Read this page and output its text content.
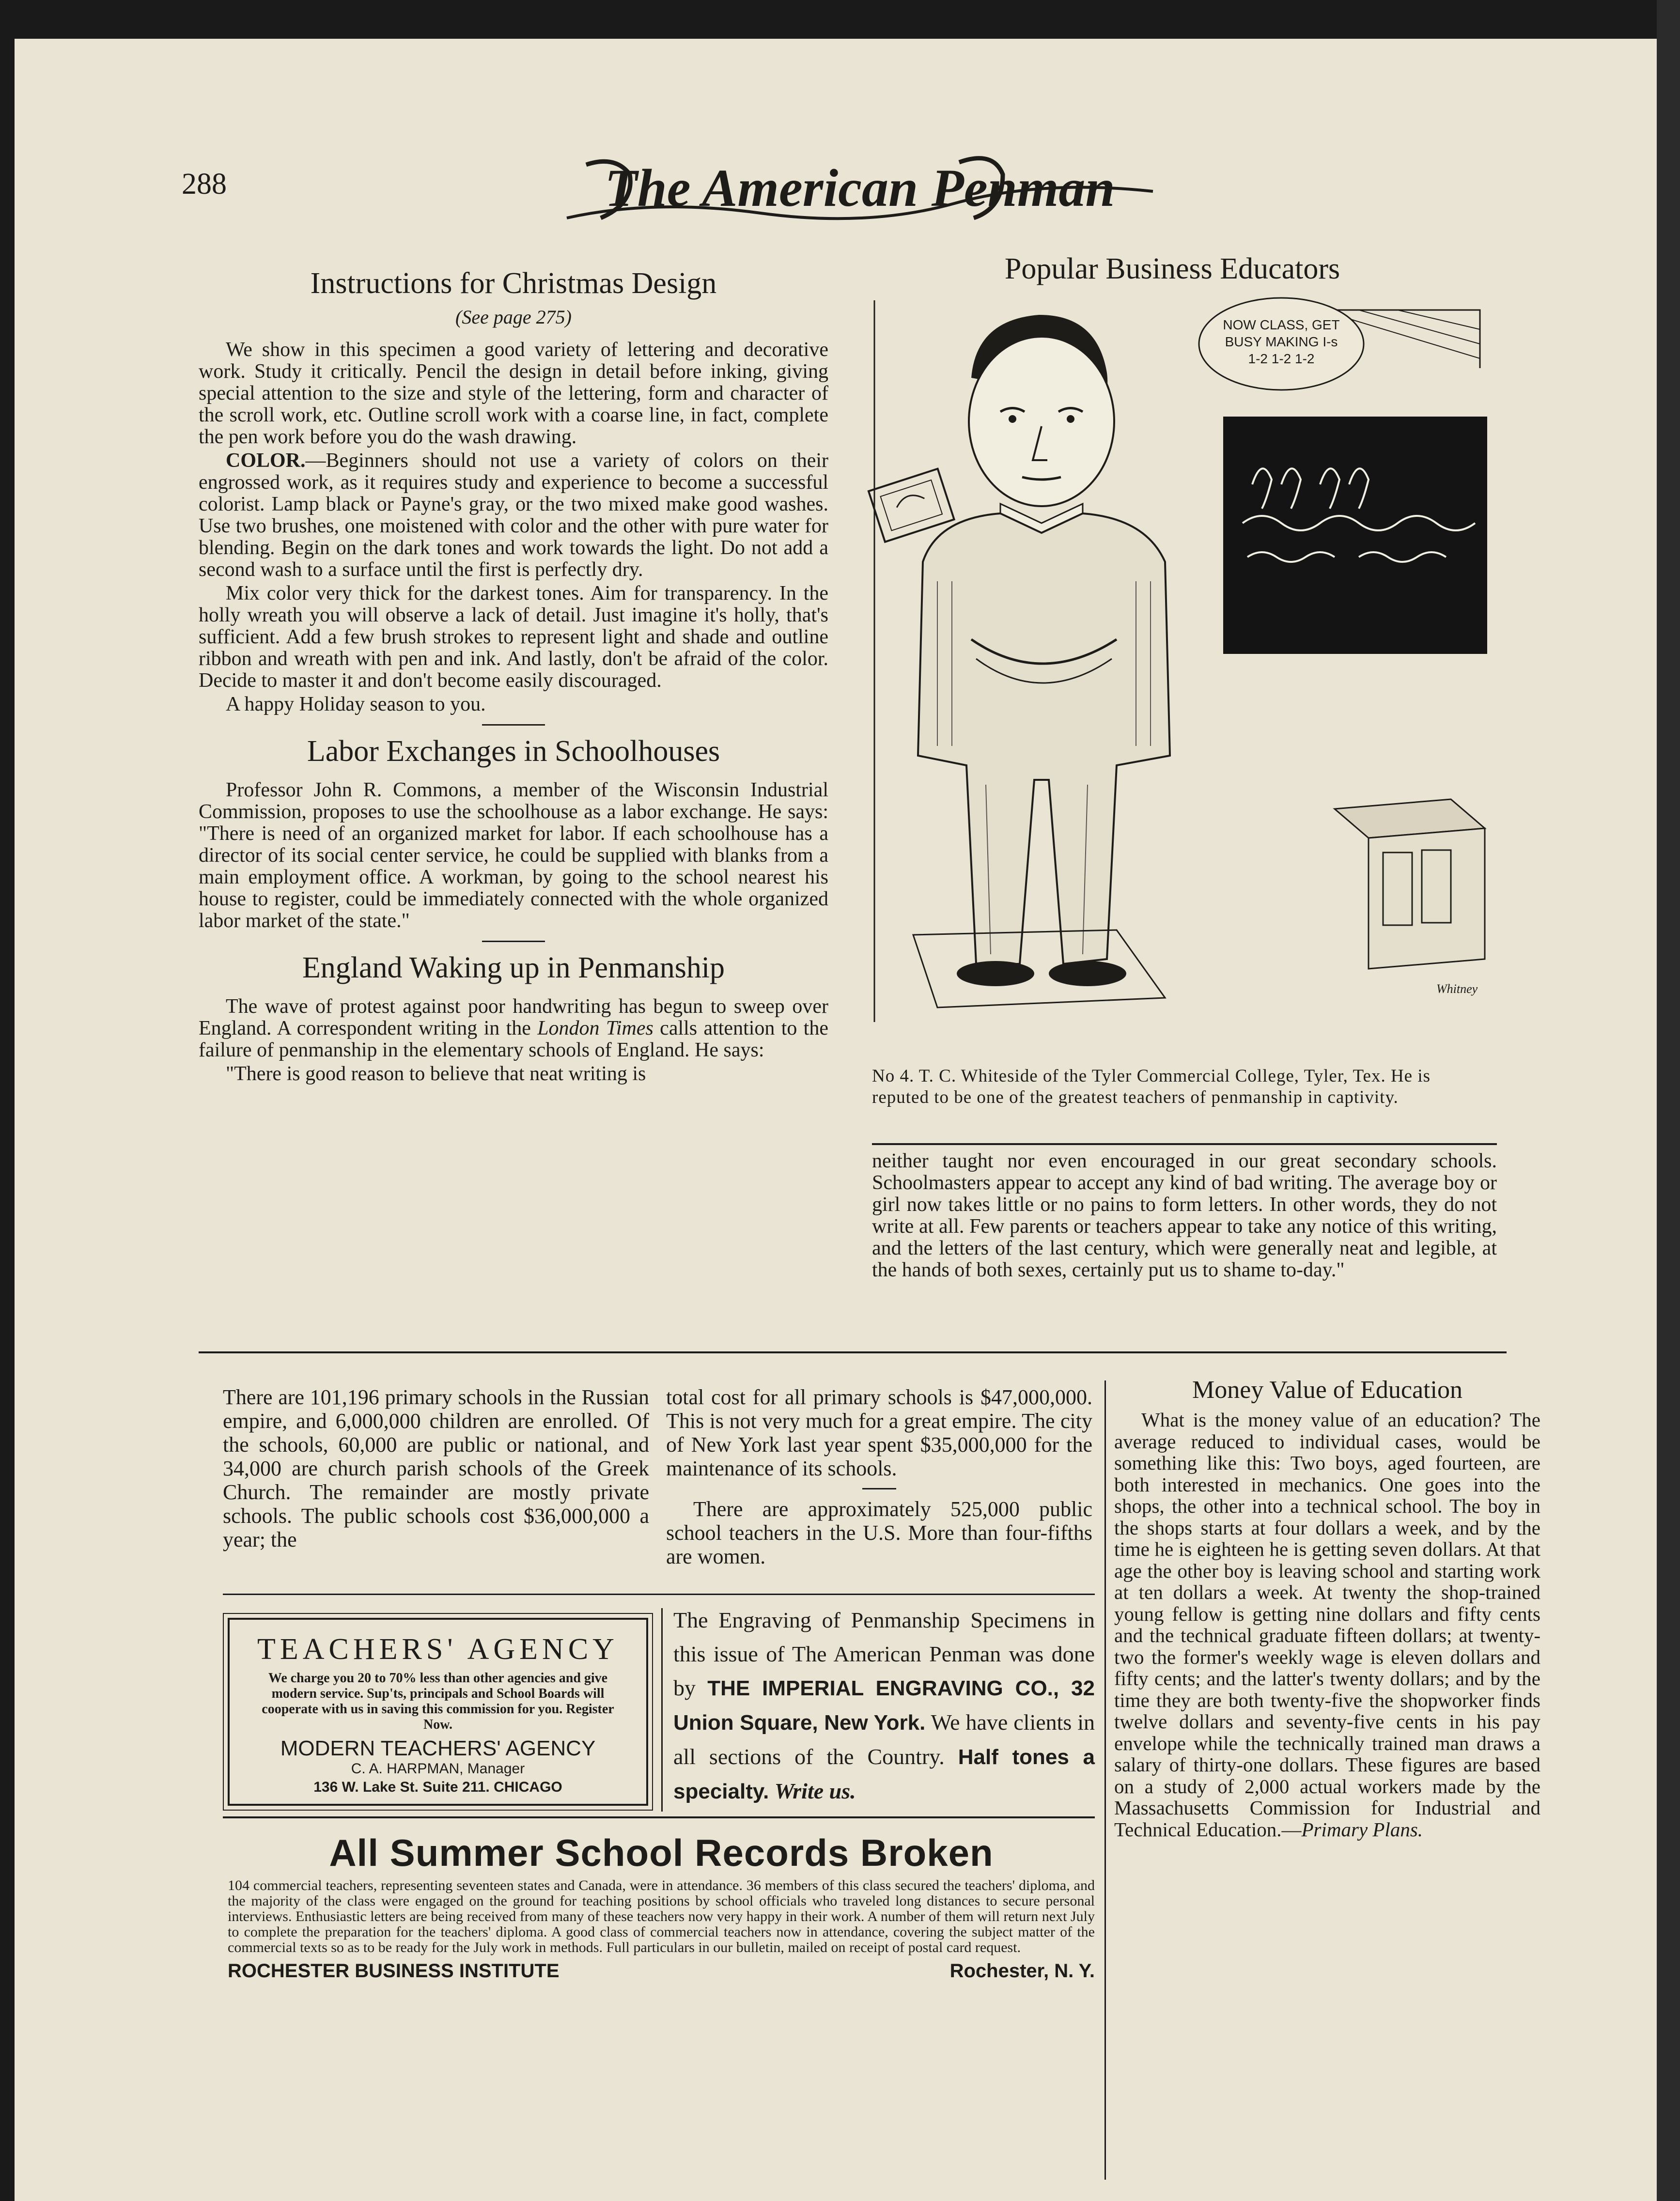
288	The American Penman
Instructions for Christmas Design
(See page 275)

We show in this specimen a good variety of lettering and decorative work. Study it critically. Pencil the design in detail before inking, giving special attention to the size and style of the lettering, form and character of the scroll work, etc. Outline scroll work with a coarse line, in fact, complete the pen work before you do the wash drawing.

COLOR.—Beginners should not use a variety of colors on their engrossed work, as it requires study and experience to become a successful colorist. Lamp black or Payne's gray, or the two mixed make good washes. Use two brushes, one moistened with color and the other with pure water for blending. Begin on the dark tones and work towards the light. Do not add a second wash to a surface until the first is perfectly dry.

Mix color very thick for the darkest tones. Aim for transparency. In the holly wreath you will observe a lack of detail. Just imagine it's holly, that's sufficient. Add a few brush strokes to represent light and shade and outline ribbon and wreath with pen and ink. And lastly, don't be afraid of the color. Decide to master it and don't become easily discouraged.

A happy Holiday season to you.

Labor Exchanges in Schoolhouses

Professor John R. Commons, a member of the Wisconsin Industrial Commission, proposes to use the schoolhouse as a labor exchange. He says: "There is need of an organized market for labor. If each schoolhouse has a director of its social center service, he could be supplied with blanks from a main employment office. A workman, by going to the school nearest his house to register, could be immediately connected with the whole organized labor market of the state."

England Waking up in Penmanship

The wave of protest against poor handwriting has begun to sweep over England. A correspondent writing in the London Times calls attention to the failure of penmanship in the elementary schools of England. He says:

"There is good reason to believe that neat writing is

Popular Business Educators
NOW CLASS, GET
BUSY MAKING I-s
1-2 1-2 1-2
Whitney
No 4. T. C. Whiteside of the Tyler Commercial College, Tyler, Tex. He is reputed to be one of the greatest teachers of penmanship in captivity.
neither taught nor even encouraged in our great secondary schools. Schoolmasters appear to accept any kind of bad writing. The average boy or girl now takes little or no pains to form letters. In other words, they do not write at all. Few parents or teachers appear to take any notice of this writing, and the letters of the last century, which were generally neat and legible, at the hands of both sexes, certainly put us to shame to-day."
There are 101,196 primary schools in the Russian empire, and 6,000,000 children are enrolled. Of the schools, 60,000 are public or national, and 34,000 are church parish schools of the Greek Church. The remainder are mostly private schools. The public schools cost $36,000,000 a year; the
total cost for all primary schools is $47,000,000. This is not very much for a great empire. The city of New York last year spent $35,000,000 for the maintenance of its schools.
There are approximately 525,000 public school teachers in the U.S. More than four-fifths are women.
TEACHERS' AGENCY
We charge you 20 to 70% less than other agencies and give modern service. Sup'ts, principals and School Boards will cooperate with us in saving this commission for you. Register Now.
MODERN TEACHERS' AGENCY
C. A. HARPMAN, Manager
136 W. Lake St. Suite 211. CHICAGO
The Engraving of Penmanship Specimens in this issue of The American Penman was done by THE IMPERIAL ENGRAVING CO., 32 Union Square, New York. We have clients in all sections of the Country. Half tones a specialty. Write us.
All Summer School Records Broken
104 commercial teachers, representing seventeen states and Canada, were in attendance. 36 members of this class secured the teachers' diploma, and the majority of the class were engaged on the ground for teaching positions by school officials who traveled long distances to secure personal interviews. Enthusiastic letters are being received from many of these teachers now very happy in their work. A number of them will return next July to complete the preparation for the teachers' diploma. A good class of commercial teachers now in attendance, covering the subject matter of the commercial texts so as to be ready for the July work in methods. Full particulars in our bulletin, mailed on receipt of postal card request.
ROCHESTER BUSINESS INSTITUTE	Rochester, N. Y.
Money Value of Education

What is the money value of an education? The average reduced to individual cases, would be something like this: Two boys, aged fourteen, are both interested in mechanics. One goes into the shops, the other into a technical school. The boy in the shops starts at four dollars a week, and by the time he is eighteen he is getting seven dollars. At that age the other boy is leaving school and starting work at ten dollars a week. At twenty the shop-trained young fellow is getting nine dollars and fifty cents and the technical graduate fifteen dollars; at twenty-two the former's weekly wage is eleven dollars and fifty cents; and the latter's twenty dollars; and by the time they are both twenty-five the shopworker finds twelve dollars and seventy-five cents in his pay envelope while the technically trained man draws a salary of thirty-one dollars. These figures are based on a study of 2,000 actual workers made by the Massachusetts Commission for Industrial and Technical Education.—Primary Plans.
